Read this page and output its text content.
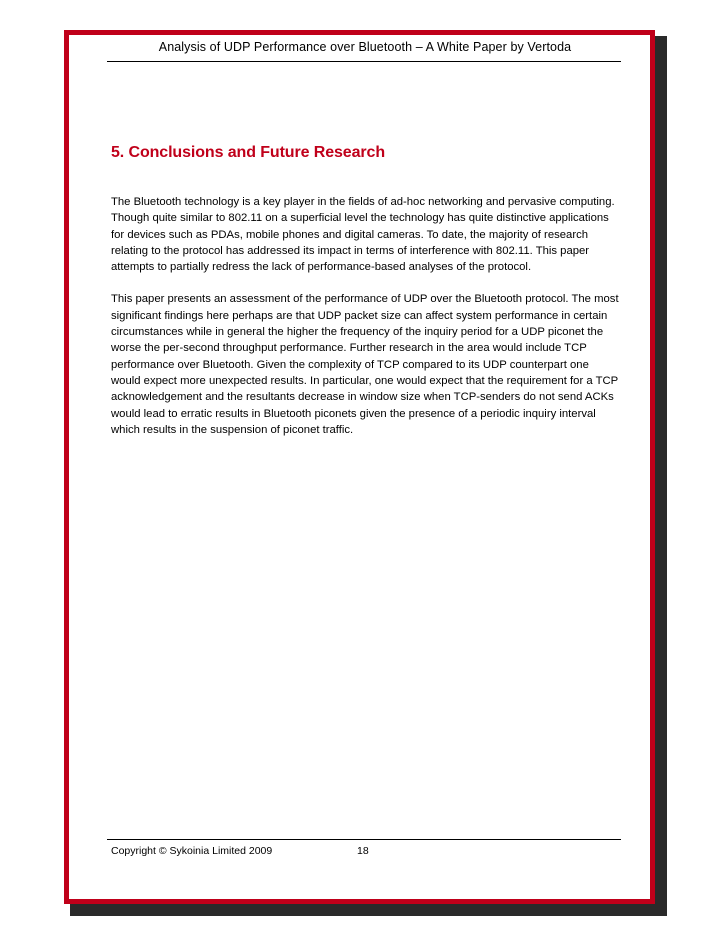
Analysis of UDP Performance over Bluetooth – A White Paper by Vertoda
5. Conclusions and Future Research

The Bluetooth technology is a key player in the fields of ad-hoc networking and pervasive computing. Though quite similar to 802.11 on a superficial level the technology has quite distinctive applications for devices such as PDAs, mobile phones and digital cameras. To date, the majority of research relating to the protocol has addressed its impact in terms of interference with 802.11. This paper attempts to partially redress the lack of performance-based analyses of the protocol.

This paper presents an assessment of the performance of UDP over the Bluetooth protocol. The most significant findings here perhaps are that UDP packet size can affect system performance in certain circumstances while in general the higher the frequency of the inquiry period for a UDP piconet the worse the per-second throughput performance. Further research in the area would include TCP performance over Bluetooth. Given the complexity of TCP compared to its UDP counterpart one would expect more unexpected results. In particular, one would expect that the requirement for a TCP acknowledgement and the resultants decrease in window size when TCP-senders do not send ACKs would lead to erratic results in Bluetooth piconets given the presence of a periodic inquiry interval which results in the suspension of piconet traffic.

Copyright © Sykoinia Limited 2009	18
